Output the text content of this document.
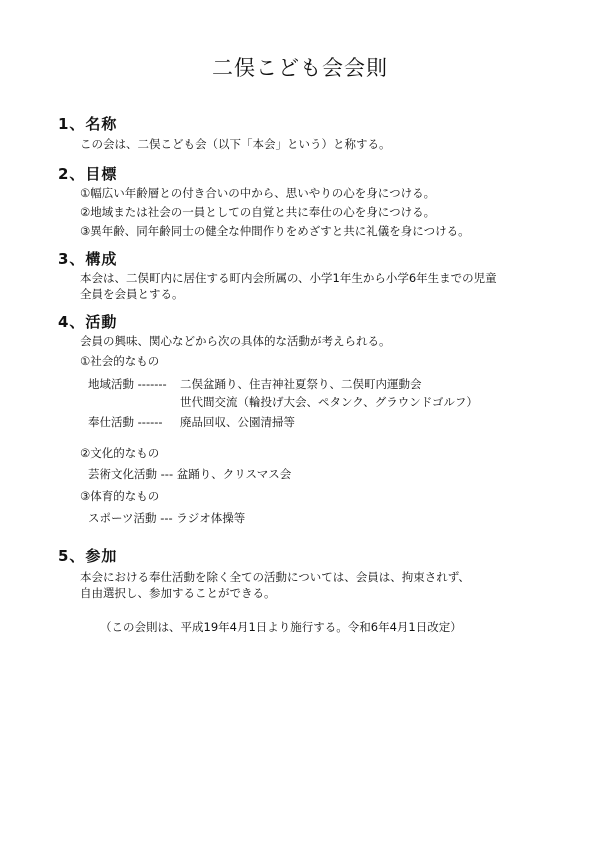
二俣こども会会則
1、名称
この会は、二俣こども会（以下「本会」という）と称する。
2、目標
①幅広い年齢層との付き合いの中から、思いやりの心を身につける。
②地域または社会の一員としての自覚と共に奉仕の心を身につける。
③異年齢、同年齢同士の健全な仲間作りをめざすと共に礼儀を身につける。
3、構成
本会は、二俣町内に居住する町内会所属の、小学1年生から小学6年生までの児童
全員を会員とする。
4、活動
会員の興味、関心などから次の具体的な活動が考えられる。
①社会的なもの
地域活動 ------- 二俣盆踊り、住吉神社夏祭り、二俣町内運動会
世代間交流（輪投げ大会、ペタンク、グラウンドゴルフ）
奉仕活動 ------ 廃品回収、公園清掃等
②文化的なもの
芸術文化活動 --- 盆踊り、クリスマス会
③体育的なもの
スポーツ活動 --- ラジオ体操等
5、参加
本会における奉仕活動を除く全ての活動については、会員は、拘束されず、
自由選択し、参加することができる。
（この会則は、平成19年4月1日より施行する。令和6年4月1日改定）
